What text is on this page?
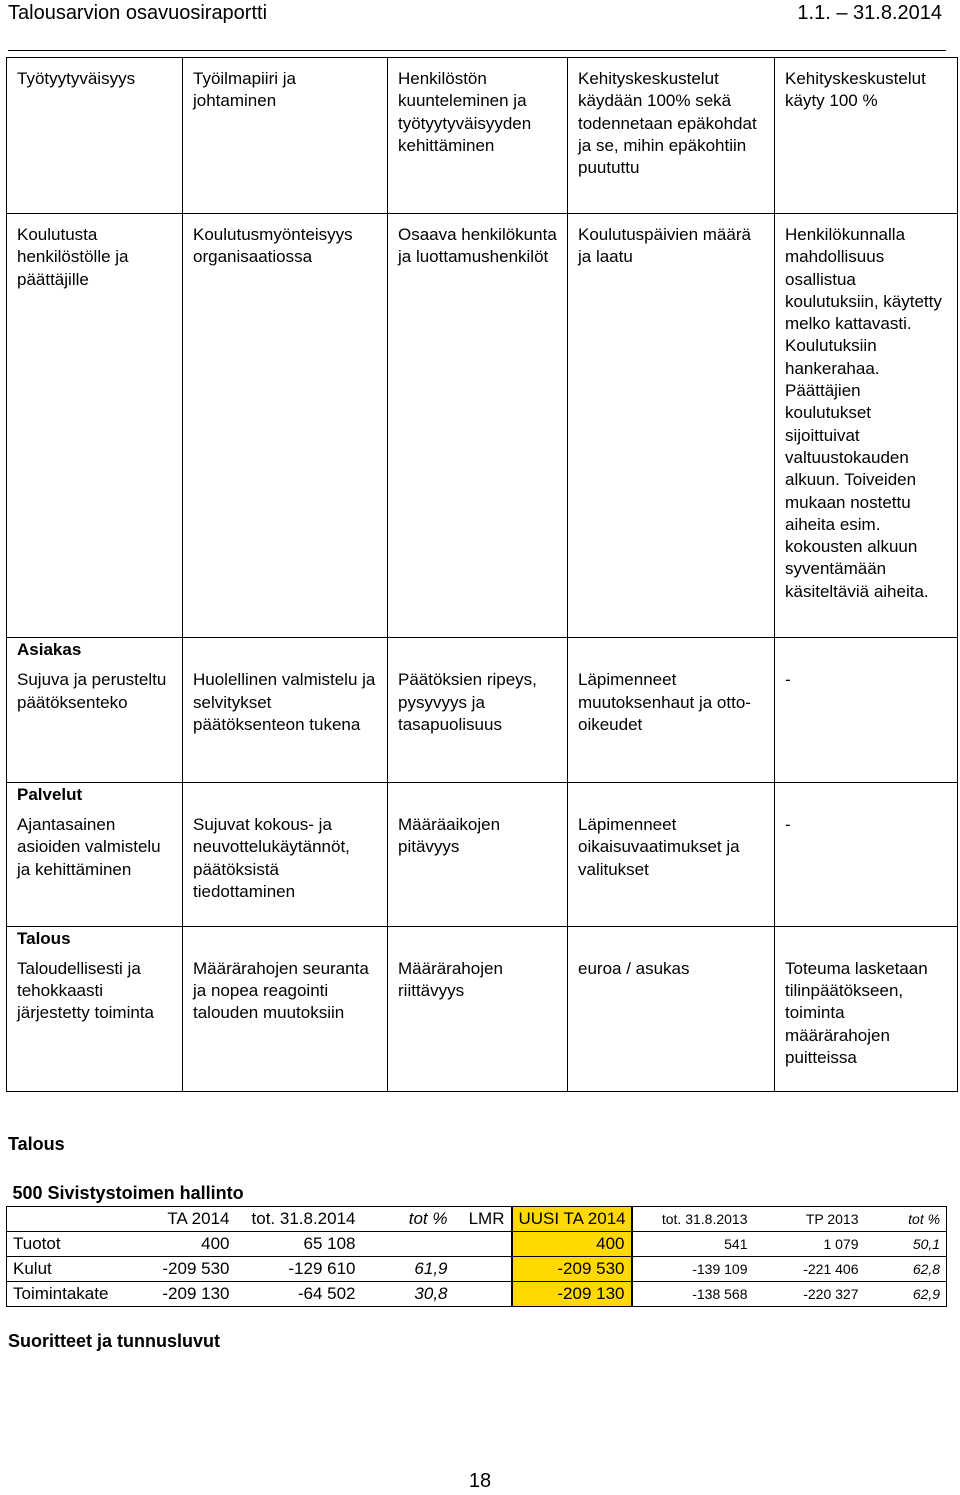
Talousarvion osavuosiraportti	1.1. – 31.8.2014
Työtyytyväisyys	Työilmapiiri ja johtaminen	Henkilöstön kuunteleminen ja työtyytyväisyyden kehittäminen	Kehityskeskustelut käydään 100% sekä todennetaan epäkohdat ja se, mihin epäkohtiin puututtu	Kehityskeskustelut käyty 100 %
Koulutusta henkilöstölle ja päättäjille	Koulutusmyönteisyys organisaatiossa	Osaava henkilökunta ja luottamushenkilöt	Koulutuspäivien määrä ja laatu	Henkilökunnalla mahdollisuus osallistua koulutuksiin, käytetty melko kattavasti. Koulutuksiin hankerahaa. Päättäjien koulutukset sijoittuivat valtuustokauden alkuun. Toiveiden mukaan nostettu aiheita esim. kokousten alkuun syventämään käsiteltäviä aiheita.
Asiakas				
Sujuva ja perusteltu päätöksenteko	Huolellinen valmistelu ja selvitykset päätöksenteon tukena	Päätöksien ripeys, pysyvyys ja tasapuolisuus	Läpimenneet muutoksenhaut ja otto-oikeudet	-
Palvelut				
Ajantasainen asioiden valmistelu ja kehittäminen	Sujuvat kokous- ja neuvottelukäytännöt, päätöksistä tiedottaminen	Määräaikojen pitävyys	Läpimenneet oikaisuvaatimukset ja valitukset	-
Talous				
Taloudellisesti ja tehokkaasti järjestetty toiminta	Määrärahojen seuranta ja nopea reagointi talouden muutoksiin	Määrärahojen riittävyys	euroa / asukas	Toteuma lasketaan tilinpäätökseen, toiminta määrärahojen puitteissa
Talous
500 Sivistystoimen hallinto								
	TA 2014	tot. 31.8.2014	tot %	LMR	UUSI TA 2014	tot. 31.8.2013	TP 2013	tot %
Tuotot	400	65 108			400	541	1 079	50,1
Kulut	-209 530	-129 610	61,9		-209 530	-139 109	-221 406	62,8
Toimintakate	-209 130	-64 502	30,8		-209 130	-138 568	-220 327	62,9
Suoritteet ja tunnusluvut
18
